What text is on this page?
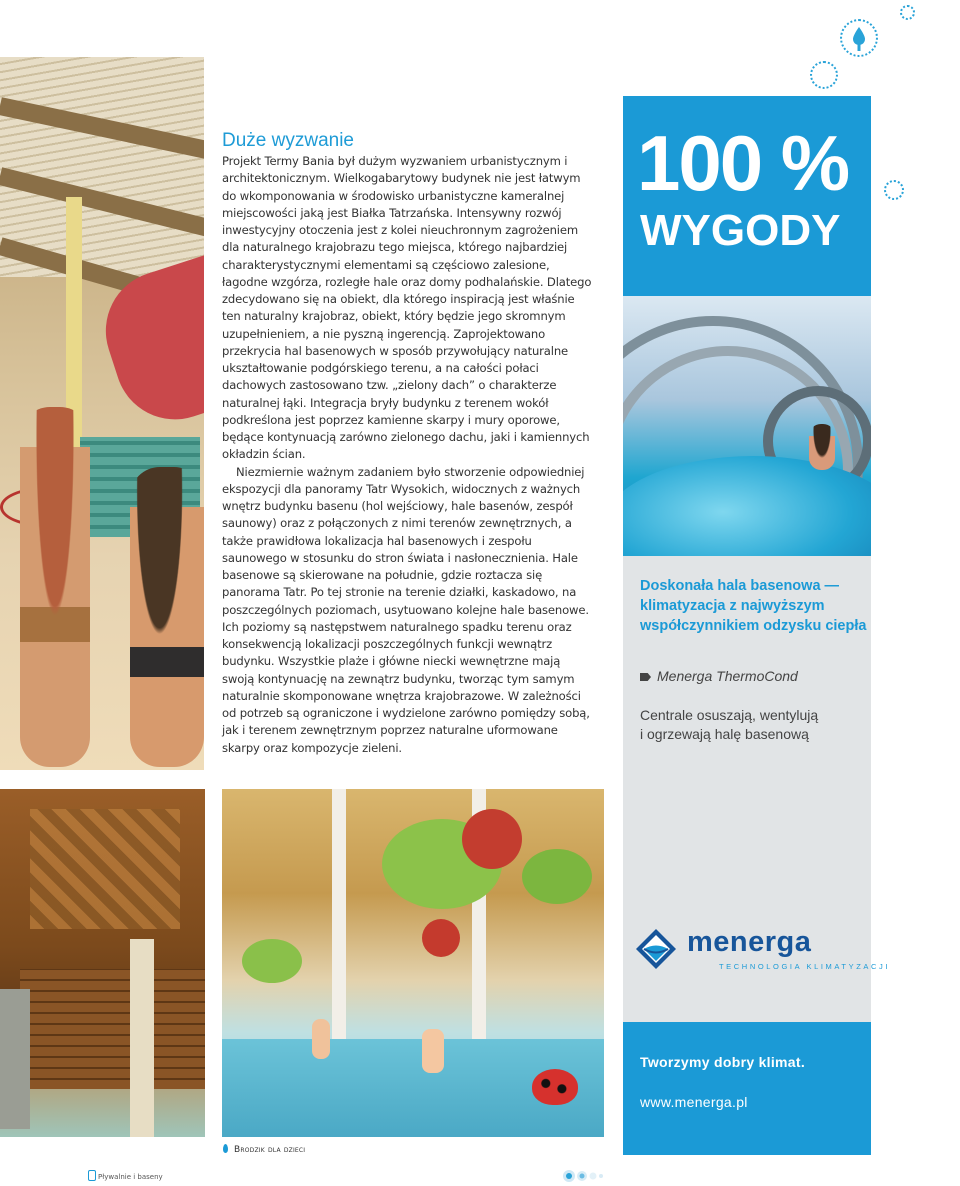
Duże wyzwanie

Projekt Termy Bania był dużym wyzwaniem urbanistycznym i architektonicznym. Wielkogabarytowy budynek nie jest łatwym do wkomponowania w środowisko urbanistyczne kameralnej miejscowości jaką jest Białka Tatrzańska. Intensywny rozwój inwestycyjny otoczenia jest z kolei nieuchronnym zagrożeniem dla naturalnego krajobrazu tego miejsca, którego najbardziej charakterystycznymi elementami są częściowo zalesione, łagodne wzgórza, rozległe hale oraz domy podhalańskie. Dlatego zdecydowano się na obiekt, dla którego inspiracją jest właśnie ten naturalny krajobraz, obiekt, który będzie jego skromnym uzupełnieniem, a nie pyszną ingerencją. Zaprojektowano przekrycia hal basenowych w sposób przywołujący naturalne ukształtowanie podgórskiego terenu, a na całości połaci dachowych zastosowano tzw. „zielony dach” o charakterze naturalnej łąki. Integracja bryły budynku z terenem wokół podkreślona jest poprzez kamienne skarpy i mury oporowe, będące kontynuacją zarówno zielonego dachu, jaki i kamiennych okładzin ścian.

Niezmiernie ważnym zadaniem było stworzenie odpowiedniej ekspozycji dla panoramy Tatr Wysokich, widocznych z ważnych wnętrz budynku basenu (hol wejściowy, hale basenów, zespół saunowy) oraz z połączonych z nimi terenów zewnętrznych, a także prawidłowa lokalizacja hal basenowych i zespołu saunowego w stosunku do stron świata i nasłonecznienia. Hale basenowe są skierowane na południe, gdzie roztacza się panorama Tatr. Po tej stronie na terenie działki, kaskadowo, na poszczególnych poziomach, usytuowano kolejne hale basenowe. Ich poziomy są następstwem naturalnego spadku terenu oraz konsekwencją lokalizacji poszczególnych funkcji wewnątrz budynku. Wszystkie plaże i główne niecki wewnętrzne mają swoją kontynuację na zewnątrz budynku, tworząc tym samym naturalnie skomponowane wnętrza krajobrazowe. W zależności od potrzeb są ograniczone i wydzielone zarówno pomiędzy sobą, jak i terenem zewnętrznym poprzez naturalne uformowane skarpy oraz kompozycje zieleni.

100 %
WYGODY
Doskonała hala basenowa — klimatyzacja z najwyższym współczynnikiem odzysku ciepła
Menerga ThermoCond
Centrale osuszają, wentylują
i ogrzewają halę basenową
menerga
TECHNOLOGIA KLIMATYZACJI
Tworzymy dobry klimat.
www.menerga.pl
Brodzik dla dzieci
Pływalnie i baseny
